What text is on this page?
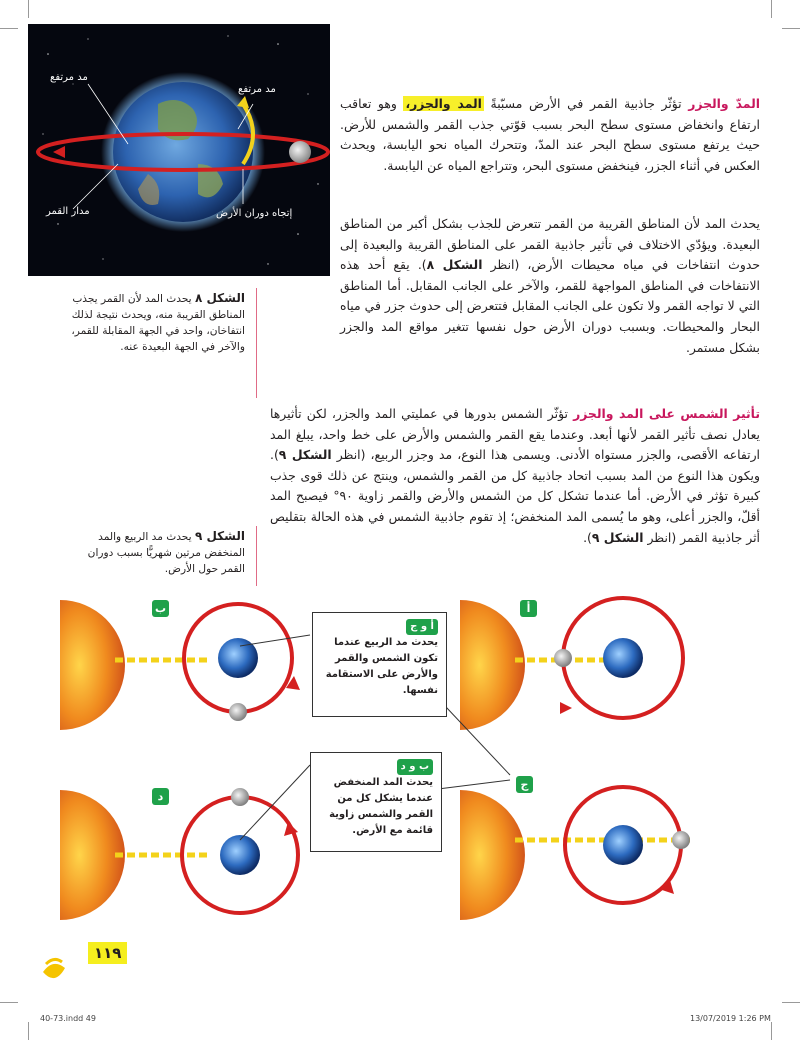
مد مرتفع
مد مرتفع
مدار القمر	إتجاه دوران الأرض

المدّ والجزر تؤثّر جاذبية القمر في الأرض مسبّبةً المد والجزر، وهو تعاقب ارتفاع وانخفاض مستوى سطح البحر بسبب قوّتي جذب القمر والشمس للأرض. حيث يرتفع مستوى سطح البحر عند المدّ، وتتحرك المياه نحو اليابسة، ويحدث العكس في أثناء الجزر، فينخفض مستوى البحر، وتتراجع المياه عن اليابسة.

يحدث المد لأن المناطق القريبة من القمر تتعرض للجذب بشكل أكبر من المناطق البعيدة. ويؤدّي الاختلاف في تأثير جاذبية القمر على المناطق القريبة والبعيدة إلى حدوث انتفاخات في مياه محيطات الأرض، (انظر الشكل ٨). يقع أحد هذه الانتفاخات في المناطق المواجهة للقمر، والآخر على الجانب المقابل. أما المناطق التي لا تواجه القمر ولا تكون على الجانب المقابل فتتعرض إلى حدوث جزر في مياه البحار والمحيطات. وبسبب دوران الأرض حول نفسها تتغير مواقع المد والجزر بشكل مستمر.

الشكل ٨ يحدث المد لأن القمر يجذب المناطق القريبة منه، ويحدث نتيجة لذلك انتفاخان، واحد في الجهة المقابلة للقمر، والآخر في الجهة البعيدة عنه.

تأثير الشمس على المد والجزر تؤثّر الشمس بدورها في عمليتي المد والجزر، لكن تأثيرها يعادل نصف تأثير القمر لأنها أبعد. وعندما يقع القمر والشمس والأرض على خط واحد، يبلغ المد ارتفاعه الأقصى، والجزر مستواه الأدنى. ويسمى هذا النوع، مد وجزر الربيع، (انظر الشكل ٩). ويكون هذا النوع من المد بسبب اتحاد جاذبية كل من القمر والشمس، وينتج عن ذلك قوى جذب كبيرة تؤثر في الأرض. أما عندما تشكل كل من الشمس والأرض والقمر زاوية ٩٠° فيصبح المد أقلّ، والجزر أعلى، وهو ما يُسمى المد المنخفض؛ إذ تقوم جاذبية الشمس في هذه الحالة بتقليص أثر جاذبية القمر (انظر الشكل ٩).

الشكل ٩ يحدث مد الربيع والمد المنخفض مرتين شهريًّا بسبب دوران القمر حول الأرض.
ب	أ
ج
د
أ و ج
يحدث مد الربيع عندما تكون الشمس والقمر والأرض على الاستقامة نفسها.
ب و د
يحدث المد المنخفض عندما يشكل كل من القمر والشمس زاوية قائمة مع الأرض.
١١٩
40-73.indd 49	13/07/2019 1:26 PM
